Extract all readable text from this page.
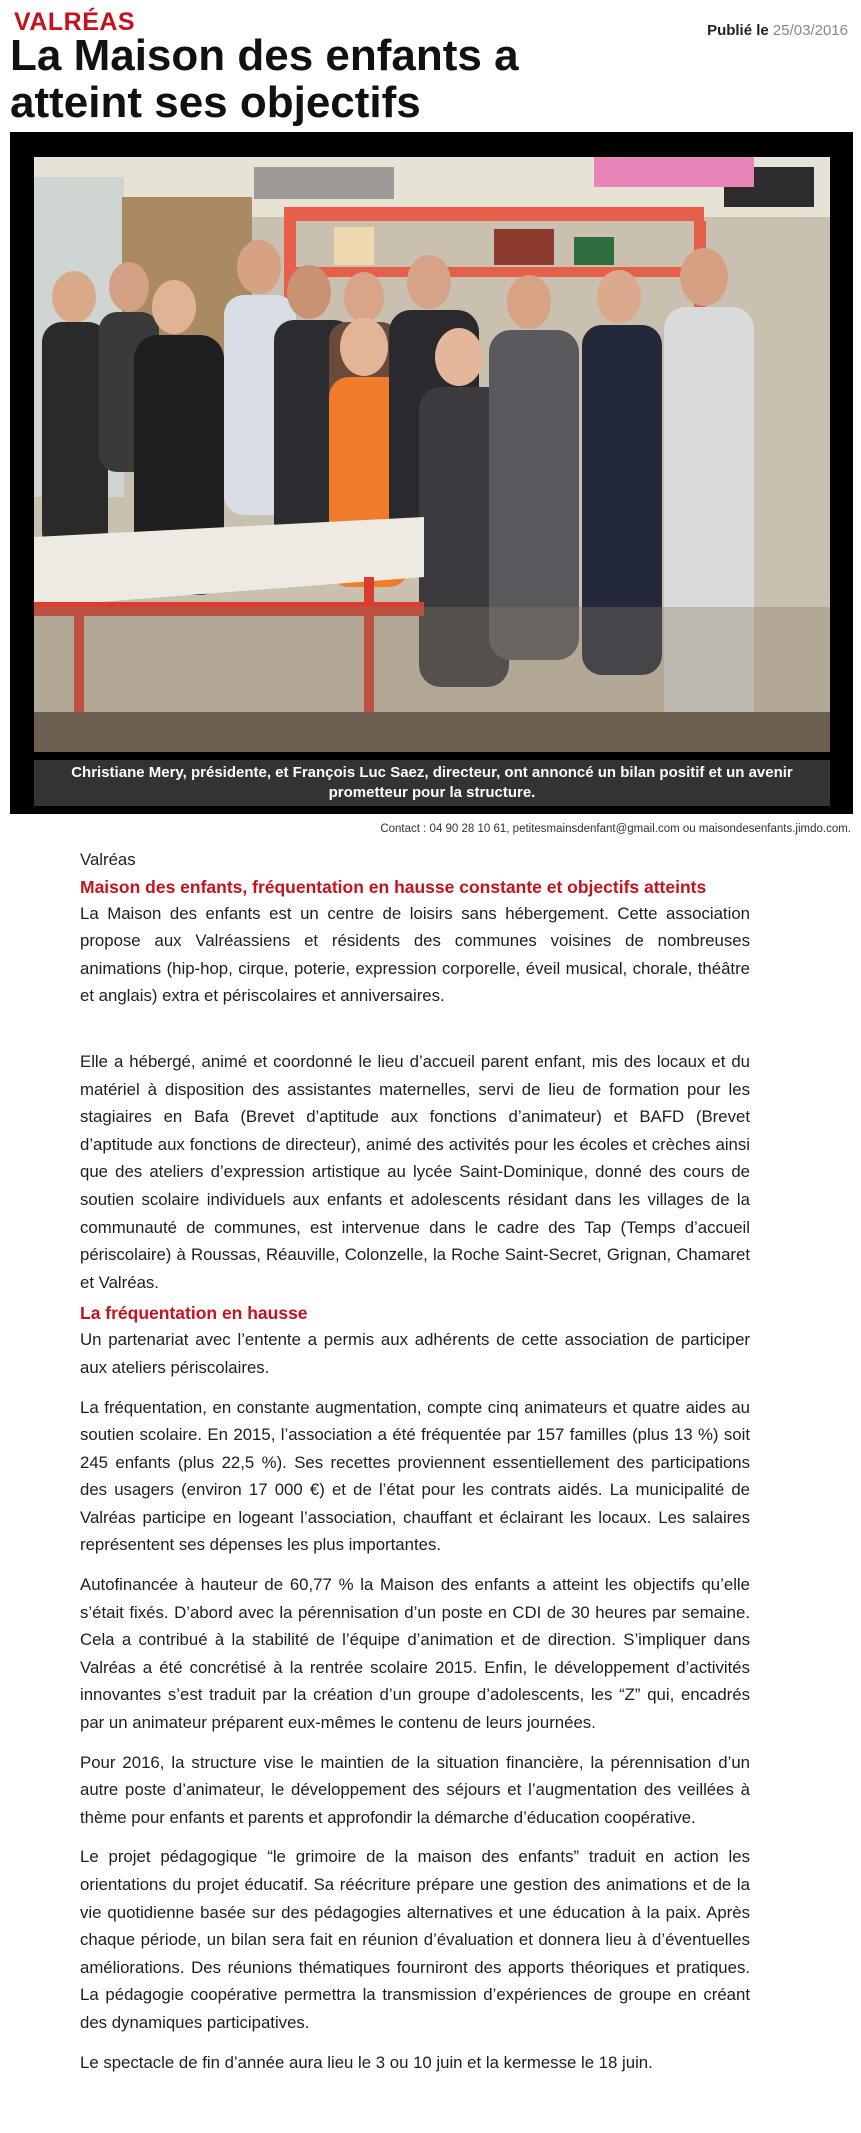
VALRÉAS	Publié le 25/03/2016
La Maison des enfants a atteint ses objectifs
Christiane Mery, présidente, et François Luc Saez, directeur, ont annoncé un bilan positif et un avenir prometteur pour la structure.
Contact : 04 90 28 10 61, petitesmainsdenfant@gmail.com ou maisondesenfants.jimdo.com.

Valréas

Maison des enfants, fréquentation en hausse constante et objectifs atteints

La Maison des enfants est un centre de loisirs sans hébergement. Cette association propose aux Valréassiens et résidents des communes voisines de nombreuses animations (hip-hop, cirque, poterie, expression corporelle, éveil musical, chorale, théâtre et anglais) extra et périscolaires et anniversaires.

Elle a hébergé, animé et coordonné le lieu d’accueil parent enfant, mis des locaux et du matériel à disposition des assistantes maternelles, servi de lieu de formation pour les stagiaires en Bafa (Brevet d’aptitude aux fonctions d’animateur) et BAFD (Brevet d’aptitude aux fonctions de directeur), animé des activités pour les écoles et crèches ainsi que des ateliers d’expression artistique au lycée Saint-Dominique, donné des cours de soutien scolaire individuels aux enfants et adolescents résidant dans les villages de la communauté de communes, est intervenue dans le cadre des Tap (Temps d’accueil périscolaire) à Roussas, Réauville, Colonzelle, la Roche Saint-Secret, Grignan, Chamaret et Valréas.

La fréquentation en hausse

Un partenariat avec l’entente a permis aux adhérents de cette association de participer aux ateliers périscolaires.

La fréquentation, en constante augmentation, compte cinq animateurs et quatre aides au soutien scolaire. En 2015, l’association a été fréquentée par 157 familles (plus 13 %) soit 245 enfants (plus 22,5 %). Ses recettes proviennent essentiellement des participations des usagers (environ 17 000 €) et de l’état pour les contrats aidés. La municipalité de Valréas participe en logeant l’association, chauffant et éclairant les locaux. Les salaires représentent ses dépenses les plus importantes.

Autofinancée à hauteur de 60,77 % la Maison des enfants a atteint les objectifs qu’elle s’était fixés. D’abord avec la pérennisation d’un poste en CDI de 30 heures par semaine. Cela a contribué à la stabilité de l’équipe d’animation et de direction. S’impliquer dans Valréas a été concrétisé à la rentrée scolaire 2015. Enfin, le développement d’activités innovantes s’est traduit par la création d’un groupe d’adolescents, les “Z” qui, encadrés par un animateur préparent eux-mêmes le contenu de leurs journées.

Pour 2016, la structure vise le maintien de la situation financière, la pérennisation d’un autre poste d’animateur, le développement des séjours et l’augmentation des veillées à thème pour enfants et parents et approfondir la démarche d’éducation coopérative.

Le projet pédagogique “le grimoire de la maison des enfants” traduit en action les orientations du projet éducatif. Sa réécriture prépare une gestion des animations et de la vie quotidienne basée sur des pédagogies alternatives et une éducation à la paix. Après chaque période, un bilan sera fait en réunion d’évaluation et donnera lieu à d’éventuelles améliorations. Des réunions thématiques fourniront des apports théoriques et pratiques. La pédagogie coopérative permettra la transmission d’expériences de groupe en créant des dynamiques participatives.

Le spectacle de fin d’année aura lieu le 3 ou 10 juin et la kermesse le 18 juin.
